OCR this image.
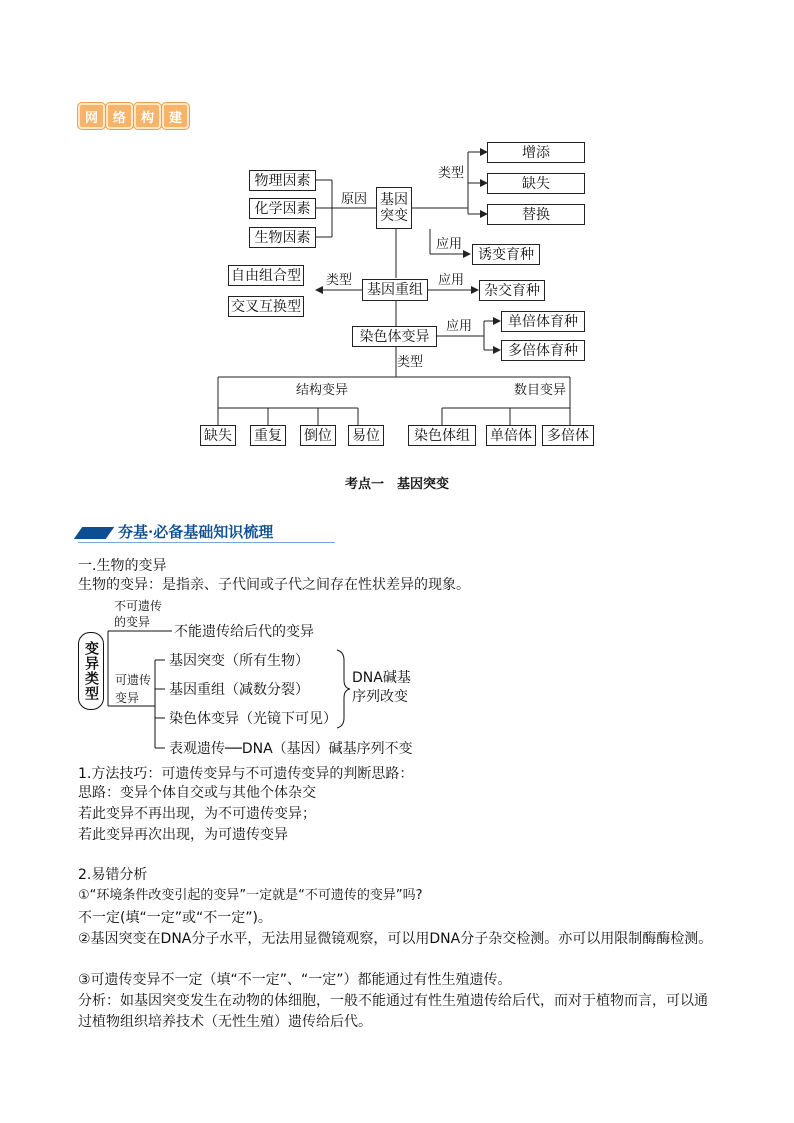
网	络	构	建
物理因素
化学因素
生物因素
原因 基因
突变
类型
增添
缺失
替换
应用
诱变育种
自由组合型
交叉互换型
类型
基因重组
应用
杂交育种
染色体变异
应用	单倍体育种
多倍体育种
类型
结构变异	数目变异
缺失 重复 倒位 易位	染色体组	单倍体	多倍体
考点一　基因突变
夯基·必备基础知识梳理
一.生物的变异
生物的变异：是指亲、子代间或子代之间存在性状差异的现象。
变异类型
不可遗传
的变异
不能遗传给后代的变异
可遗传
变异
基因突变（所有生物）
基因重组（减数分裂）
染色体变异（光镜下可见）
表观遗传──DNA（基因）碱基序列不变
DNA碱基
序列改变
1.方法技巧：可遗传变异与不可遗传变异的判断思路：
思路：变异个体自交或与其他个体杂交
若此变异不再出现，为不可遗传变异；
若此变异再次出现，为可遗传变异
2.易错分析
①“环境条件改变引起的变异”一定就是“不可遗传的变异”吗?
不一定(填“一定”或“不一定”)。
②基因突变在DNA分子水平，无法用显微镜观察，可以用DNA分子杂交检测。亦可以用限制酶酶检测。
③可遗传变异不一定（填“不一定”、“一定”）都能通过有性生殖遗传。
分析：如基因突变发生在动物的体细胞，一般不能通过有性生殖遗传给后代，而对于植物而言，可以通过植物组织培养技术（无性生殖）遗传给后代。
